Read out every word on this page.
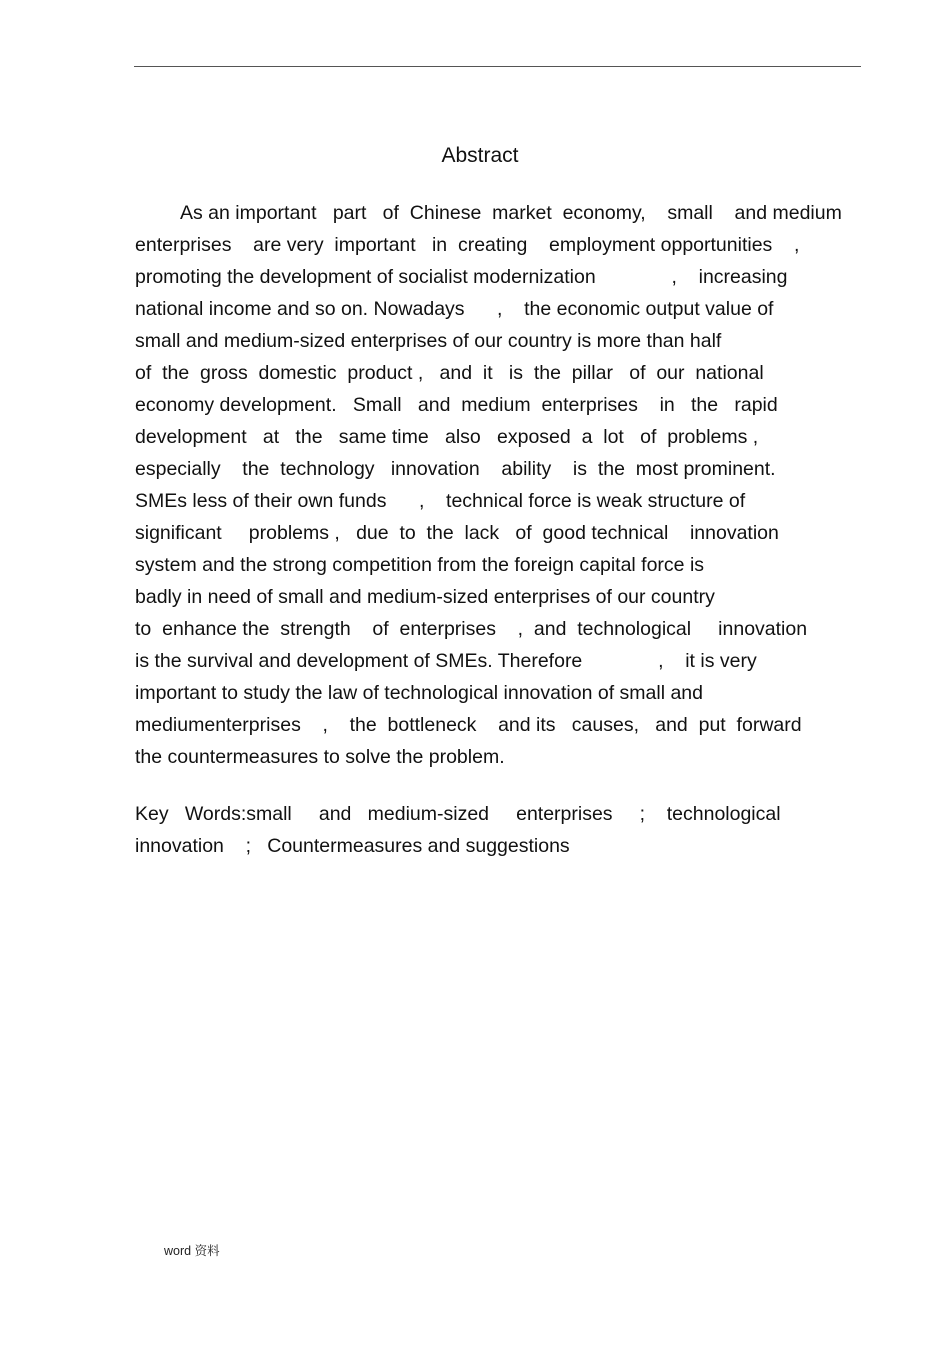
Abstract
As an important   part   of  Chinese  market  economy,    small    and medium
enterprises    are very  important   in  creating    employment opportunities    ,
promoting the development of socialist modernization              ,    increasing
national income and so on. Nowadays      ,    the economic output value of
small and medium-sized enterprises of our country is more than half
of  the  gross  domestic  product ,   and  it   is  the  pillar   of  our  national
economy development.   Small   and  medium  enterprises    in   the   rapid
development   at   the   same time   also   exposed  a  lot   of  problems ,
especially    the  technology   innovation    ability    is  the  most prominent.
SMEs less of their own funds      ,    technical force is weak structure of
significant     problems ,   due  to  the  lack   of  good technical    innovation
system and the strong competition from the foreign capital force is
badly in need of small and medium-sized enterprises of our country
to  enhance the  strength    of  enterprises    ,  and  technological     innovation
is the survival and development of SMEs. Therefore              ,    it is very
important to study the law of technological innovation of small and
mediumenterprises    ,    the  bottleneck    and its   causes,   and  put  forward
the countermeasures to solve the problem.
Key   Words:small     and   medium-sized     enterprises     ;    technological
innovation    ;   Countermeasures and suggestions
word 资料
